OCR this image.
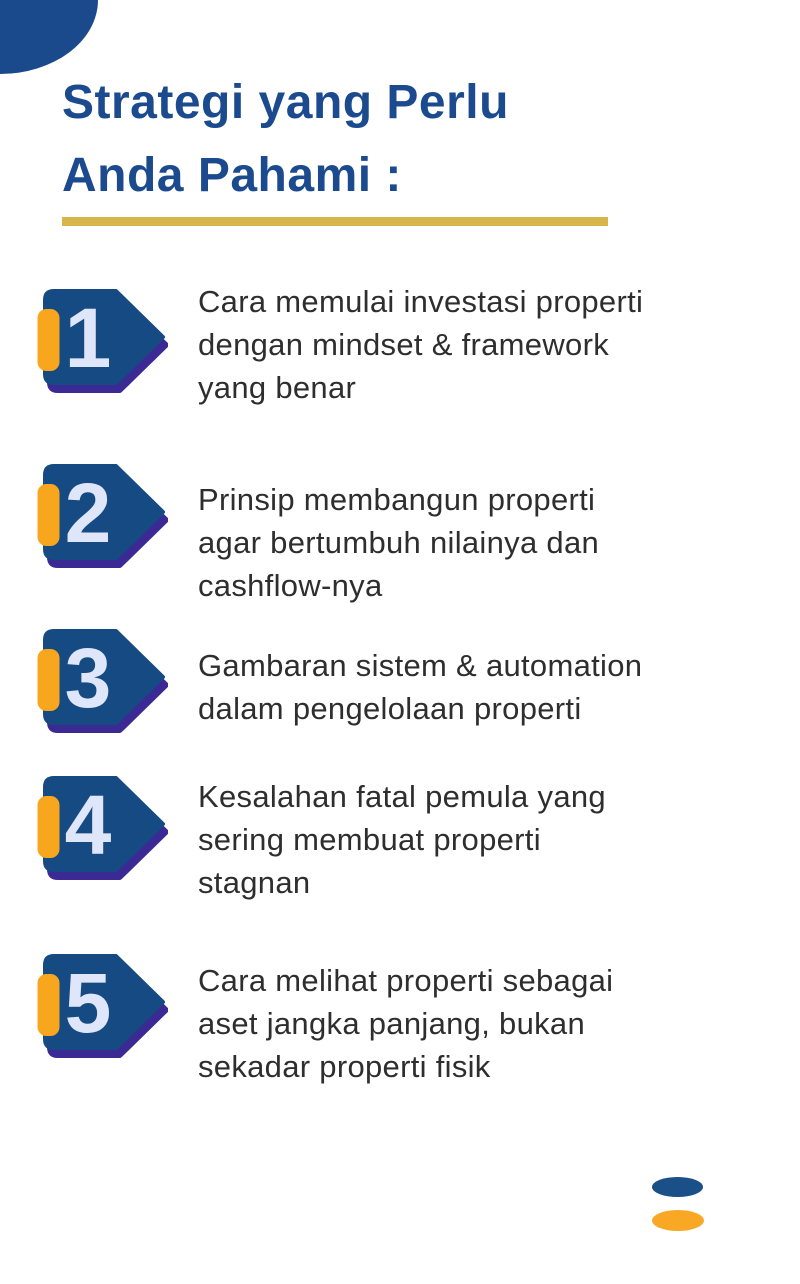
Strategi yang Perlu
Anda Pahami :
1	Cara memulai investasi properti
dengan mindset & framework
yang benar
2	Prinsip membangun properti
agar bertumbuh nilainya dan
cashflow-nya
3	Gambaran sistem & automation
dalam pengelolaan properti
4	Kesalahan fatal pemula yang
sering membuat properti
stagnan
5	Cara melihat properti sebagai
aset jangka panjang, bukan
sekadar properti fisik
